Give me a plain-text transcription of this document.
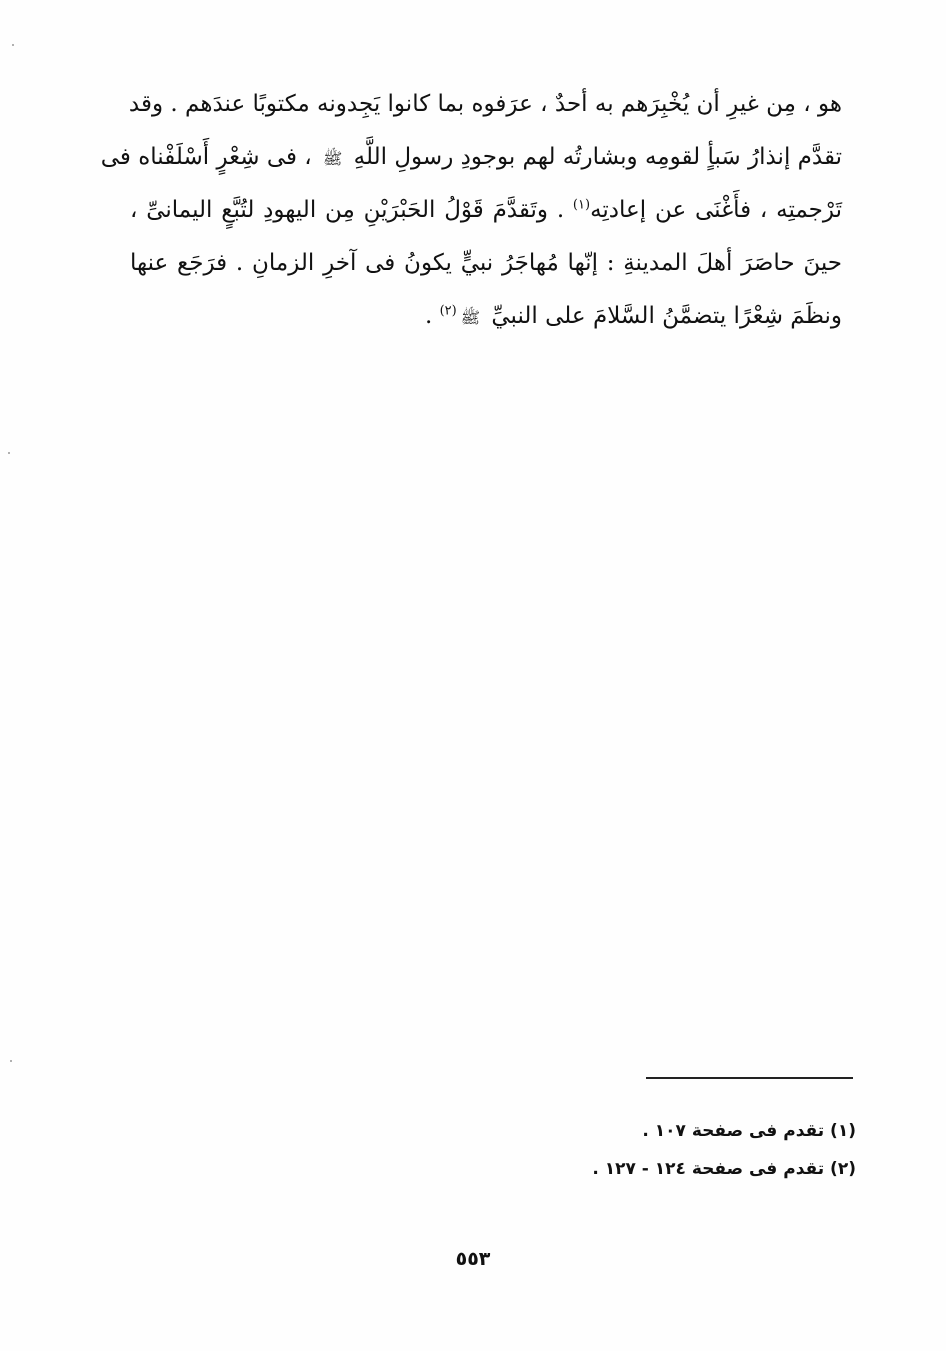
هو ، مِن غيرِ أن يُخْبِرَهم به أحدٌ ، عرَفوه بما كانوا يَجِدونه مكتوبًا عندَهم . وقد
تقدَّم إنذارُ سَبأٍ لقومِه وبشارتُه لهم بوجودِ رسولِ اللَّهِ ﷺ ، فى شِعْرٍ أَسْلَفْناه فى
تَرْجمتِه ، فأَغْنَى عن إعادتِه$^{(١)}$ . وتَقدَّمَ قَوْلُ الحَبْرَيْنِ مِن اليهودِ لتُبَّعٍ اليمانىِّ ،
حينَ حاصَرَ أهلَ المدينةِ : إنّها مُهاجَرُ نبيٍّ يكونُ فى آخرِ الزمانِ . فرَجَع عنها
ونظَمَ شِعْرًا يتضمَّنُ السَّلامَ على النبيِّ ﷺ$^{(٢)}$ .
(١) تقدم فى صفحة ١٠٧ .
(٢) تقدم فى صفحة ١٢٤ - ١٢٧ .
٥٥٣
